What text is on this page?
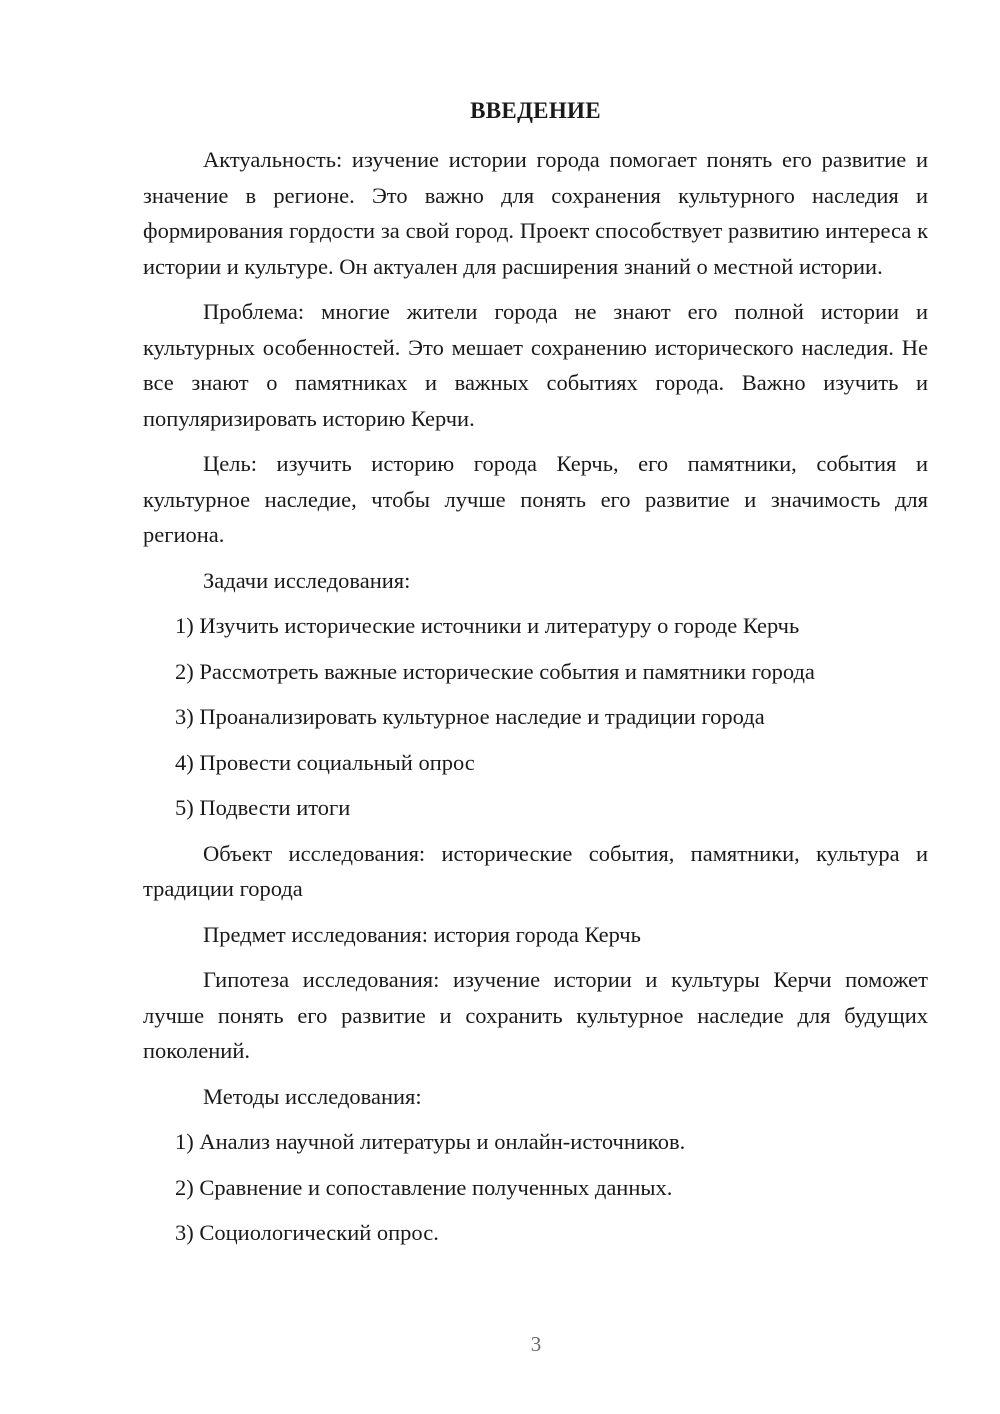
ВВЕДЕНИЕ

Актуальность: изучение истории города помогает понять его развитие и значение в регионе. Это важно для сохранения культурного наследия и формирования гордости за свой город. Проект способствует развитию интереса к истории и культуре. Он актуален для расширения знаний о местной истории.

Проблема: многие жители города не знают его полной истории и культурных особенностей. Это мешает сохранению исторического наследия. Не все знают о памятниках и важных событиях города. Важно изучить и популяризировать историю Керчи.

Цель: изучить историю города Керчь, его памятники, события и культурное наследие, чтобы лучше понять его развитие и значимость для региона.

Задачи исследования:

1) Изучить исторические источники и литературу о городе Керчь

2) Рассмотреть важные исторические события и памятники города

3) Проанализировать культурное наследие и традиции города

4) Провести социальный опрос

5) Подвести итоги

Объект исследования: исторические события, памятники, культура и традиции города

Предмет исследования: история города Керчь

Гипотеза исследования: изучение истории и культуры Керчи поможет лучше понять его развитие и сохранить культурное наследие для будущих поколений.

Методы исследования:

1) Анализ научной литературы и онлайн-источников.

2) Сравнение и сопоставление полученных данных.

3) Социологический опрос.

3
